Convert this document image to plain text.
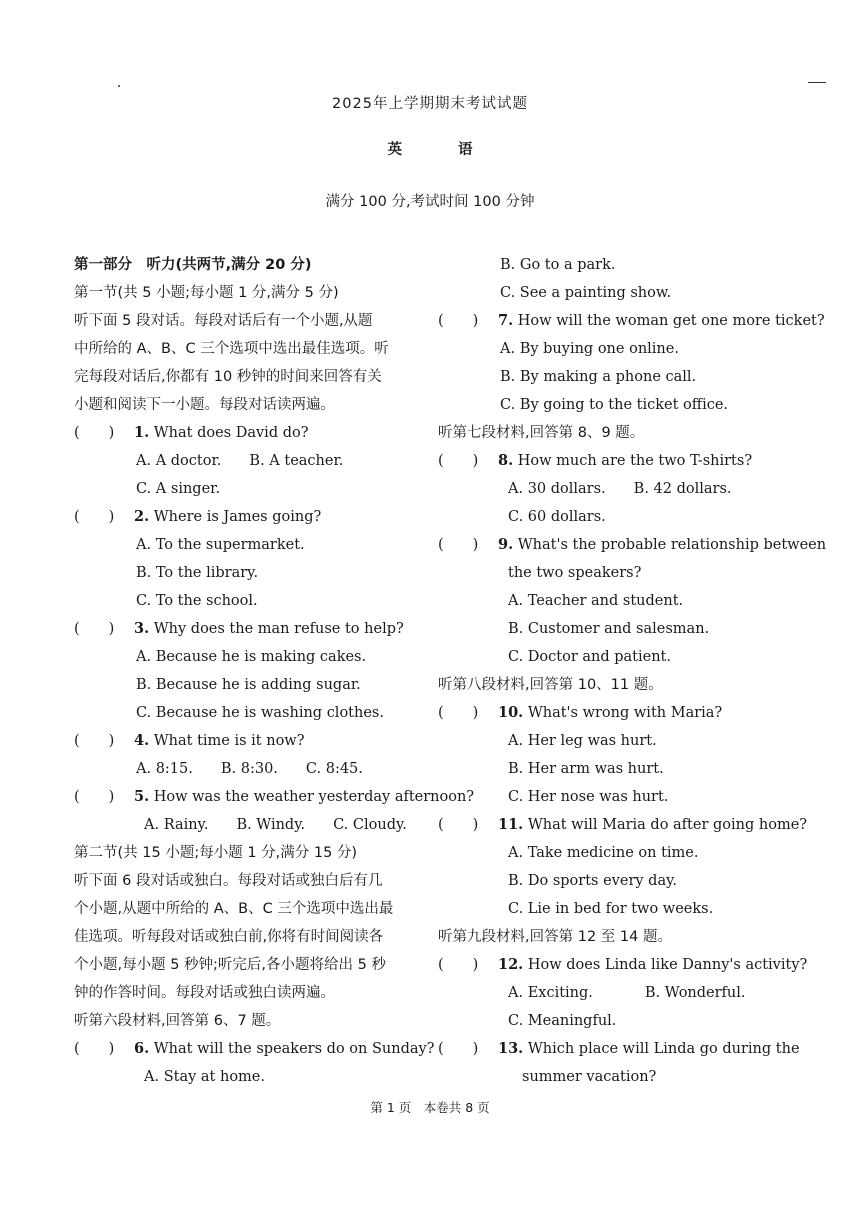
2025年上学期期末考试试题
英	语
满分 100 分,考试时间 100 分钟
第一部分　听力(共两节,满分 20 分)
第一节(共 5 小题;每小题 1 分,满分 5 分)
听下面 5 段对话。每段对话后有一个小题,从题
中所给的 A、B、C 三个选项中选出最佳选项。听
完每段对话后,你都有 10 秒钟的时间来回答有关
小题和阅读下一小题。每段对话读两遍。
(　　) 1. What does David do?
A. A doctor. B. A teacher.
C. A singer.
(　　) 2. Where is James going?
A. To the supermarket.
B. To the library.
C. To the school.
(　　) 3. Why does the man refuse to help?
A. Because he is making cakes.
B. Because he is adding sugar.
C. Because he is washing clothes.
(　　) 4. What time is it now?
A. 8:15. B. 8:30. C. 8:45.
(　　) 5. How was the weather yesterday afternoon?
A. Rainy. B. Windy. C. Cloudy.
第二节(共 15 小题;每小题 1 分,满分 15 分)
听下面 6 段对话或独白。每段对话或独白后有几
个小题,从题中所给的 A、B、C 三个选项中选出最
佳选项。听每段对话或独白前,你将有时间阅读各
个小题,每小题 5 秒钟;听完后,各小题将给出 5 秒
钟的作答时间。每段对话或独白读两遍。
听第六段材料,回答第 6、7 题。
(　　) 6. What will the speakers do on Sunday?
A. Stay at home.
B. Go to a park.
C. See a painting show.
(　　) 7. How will the woman get one more ticket?
A. By buying one online.
B. By making a phone call.
C. By going to the ticket office.
听第七段材料,回答第 8、9 题。
(　　) 8. How much are the two T-shirts?
A. 30 dollars. B. 42 dollars.
C. 60 dollars.
(　　) 9. What's the probable relationship between
the two speakers?
A. Teacher and student.
B. Customer and salesman.
C. Doctor and patient.
听第八段材料,回答第 10、11 题。
(　　) 10. What's wrong with Maria?
A. Her leg was hurt.
B. Her arm was hurt.
C. Her nose was hurt.
(　　) 11. What will Maria do after going home?
A. Take medicine on time.
B. Do sports every day.
C. Lie in bed for two weeks.
听第九段材料,回答第 12 至 14 题。
(　　) 12. How does Linda like Danny's activity?
A. Exciting.	B. Wonderful.
C. Meaningful.
(　　) 13. Which place will Linda go during the
summer vacation?
第 1 页　本卷共 8 页
